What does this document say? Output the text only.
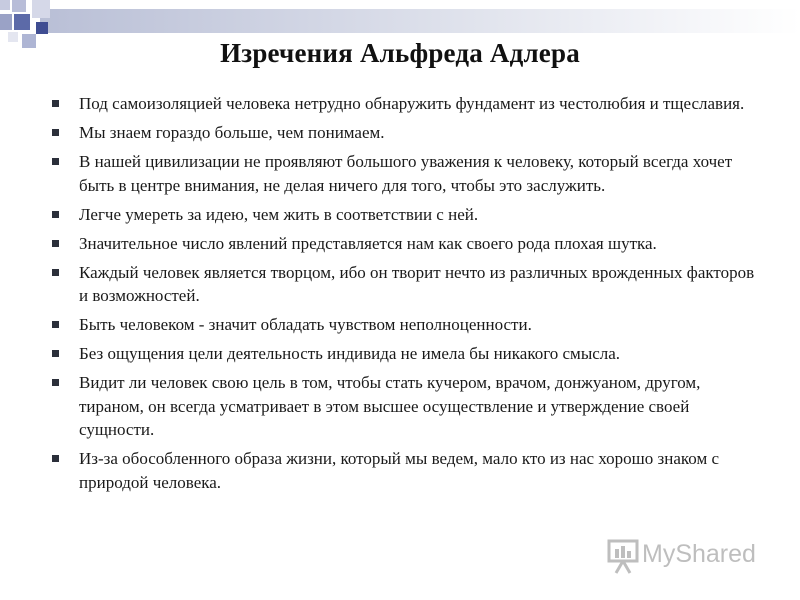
Изречения Альфреда Адлера
Под самоизоляцией человека нетрудно обнаружить фундамент из честолюбия и тщеславия.
Мы знаем гораздо больше, чем понимаем.
В нашей цивилизации не проявляют большого уважения к человеку, который всегда хочет быть в центре внимания, не делая ничего для того, чтобы это заслужить.
Легче умереть за идею, чем жить в соответствии с ней.
Значительное число явлений представляется нам как своего рода плохая шутка.
Каждый человек является творцом, ибо он творит нечто из различных врожденных факторов и возможностей.
Быть человеком - значит обладать чувством неполноценности.
Без ощущения цели деятельность индивида не имела бы никакого смысла.
Видит ли человек свою цель в том, чтобы стать кучером, врачом, донжуаном, другом, тираном, он всегда усматривает в этом высшее осуществление и утверждение своей сущности.
Из-за обособленного образа жизни, который мы ведем, мало кто из нас хорошо знаком с природой человека.
MyShared
